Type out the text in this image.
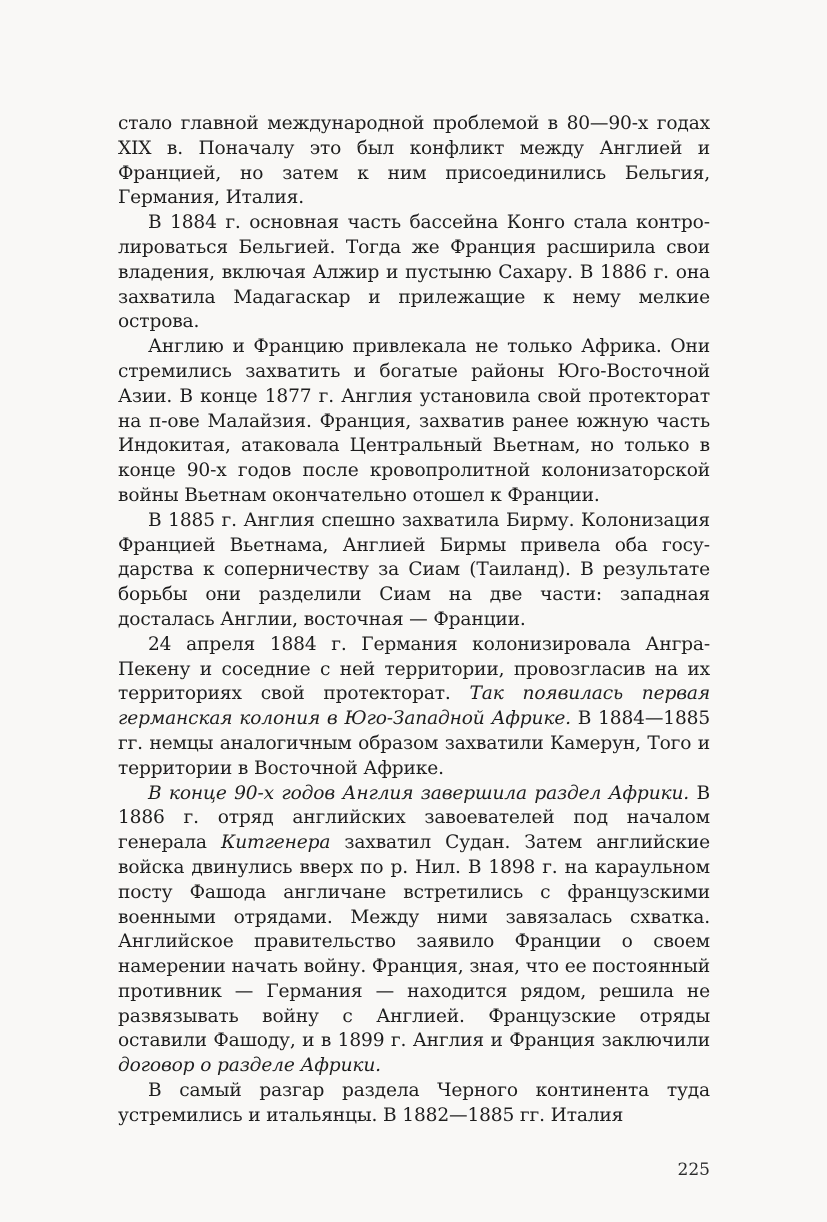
стало главной международной проблемой в 80—90-х годах XIX в. Поначалу это был конфликт между Англией и Францией, но затем к ним присоединились Бельгия, Германия, Италия.

В 1884 г. основная часть бассейна Конго стала контролироваться Бельгией. Тогда же Франция расширила свои владения, включая Алжир и пустыню Сахару. В 1886 г. она захватила Мадагаскар и прилежащие к нему мелкие острова.

Англию и Францию привлекала не только Африка. Они стремились захватить и богатые районы Юго-Восточной Азии. В конце 1877 г. Англия установила свой протекторат на п-ове Малайзия. Франция, захватив ранее южную часть Индокитая, атаковала Центральный Вьетнам, но только в конце 90-х годов после кровопролитной колонизаторской войны Вьетнам окончательно отошел к Франции.

В 1885 г. Англия спешно захватила Бирму. Колонизация Францией Вьетнама, Англией Бирмы привела оба государства к соперничеству за Сиам (Таиланд). В результате борьбы они разделили Сиам на две части: западная досталась Англии, восточная — Франции.

24 апреля 1884 г. Германия колонизировала Ангра-Пекену и соседние с ней территории, провозгласив на их территориях свой протекторат. Так появилась первая германская колония в Юго-Западной Африке. В 1884—1885 гг. немцы аналогичным образом захватили Камерун, Того и территории в Восточной Африке.

В конце 90-х годов Англия завершила раздел Африки. В 1886 г. отряд английских завоевателей под началом генерала Китгенера захватил Судан. Затем английские войска двинулись вверх по р. Нил. В 1898 г. на караульном посту Фашода англичане встретились с французскими военными отрядами. Между ними завязалась схватка. Английское правительство заявило Франции о своем намерении начать войну. Франция, зная, что ее постоянный противник — Германия — находится рядом, решила не развязывать войну с Англией. Французские отряды оставили Фашоду, и в 1899 г. Англия и Франция заключили договор о разделе Африки.

В самый разгар раздела Черного континента туда устремились и итальянцы. В 1882—1885 гг. Италия

225
